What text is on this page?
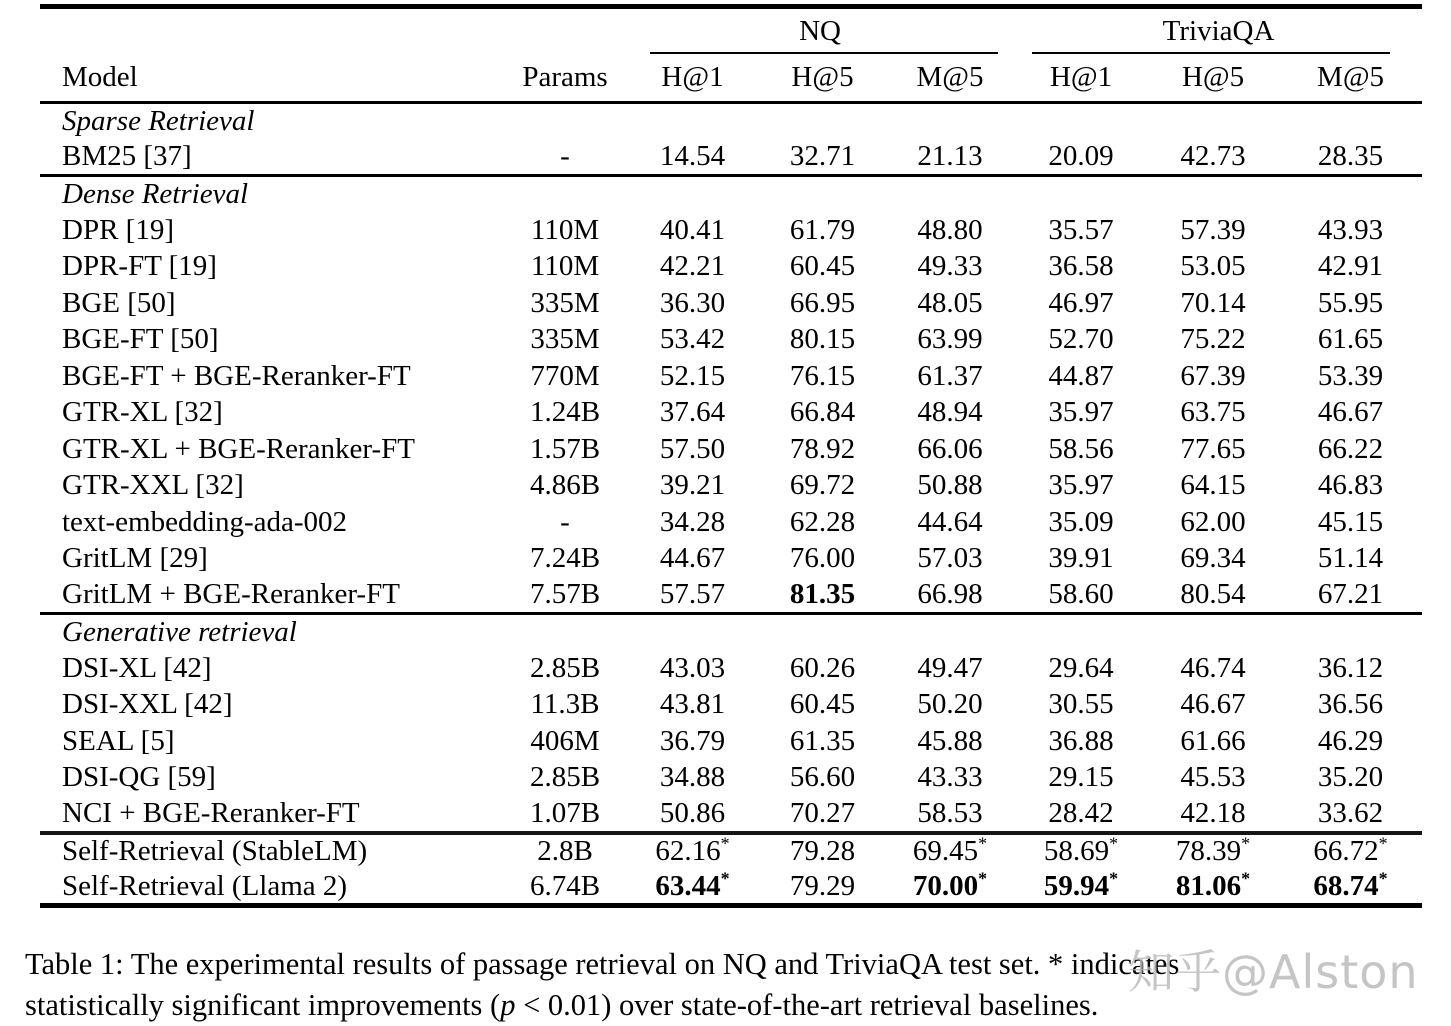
		NQ			TriviaQA		
Model	Params	H@1	H@5	M@5	H@1	H@5	M@5
Sparse Retrieval							
BM25 [37]	-	14.54	32.71	21.13	20.09	42.73	28.35
Dense Retrieval							
DPR [19]	110M	40.41	61.79	48.80	35.57	57.39	43.93
DPR-FT [19]	110M	42.21	60.45	49.33	36.58	53.05	42.91
BGE [50]	335M	36.30	66.95	48.05	46.97	70.14	55.95
BGE-FT [50]	335M	53.42	80.15	63.99	52.70	75.22	61.65
BGE-FT + BGE-Reranker-FT	770M	52.15	76.15	61.37	44.87	67.39	53.39
GTR-XL [32]	1.24B	37.64	66.84	48.94	35.97	63.75	46.67
GTR-XL + BGE-Reranker-FT	1.57B	57.50	78.92	66.06	58.56	77.65	66.22
GTR-XXL [32]	4.86B	39.21	69.72	50.88	35.97	64.15	46.83
text-embedding-ada-002	-	34.28	62.28	44.64	35.09	62.00	45.15
GritLM [29]	7.24B	44.67	76.00	57.03	39.91	69.34	51.14
GritLM + BGE-Reranker-FT	7.57B	57.57	81.35	66.98	58.60	80.54	67.21
Generative retrieval							
DSI-XL [42]	2.85B	43.03	60.26	49.47	29.64	46.74	36.12
DSI-XXL [42]	11.3B	43.81	60.45	50.20	30.55	46.67	36.56
SEAL [5]	406M	36.79	61.35	45.88	36.88	61.66	46.29
DSI-QG [59]	2.85B	34.88	56.60	43.33	29.15	45.53	35.20
NCI + BGE-Reranker-FT	1.07B	50.86	70.27	58.53	28.42	42.18	33.62
Self-Retrieval (StableLM)	2.8B	62.16*	79.28	69.45*	58.69*	78.39*	66.72*
Self-Retrieval (Llama 2)	6.74B	63.44*	79.29	70.00*	59.94*	81.06*	68.74*
Table 1: The experimental results of passage retrieval on NQ and TriviaQA test set. * indicates
statistically significant improvements (p < 0.01) over state-of-the-art retrieval baselines.
知乎@Alston
